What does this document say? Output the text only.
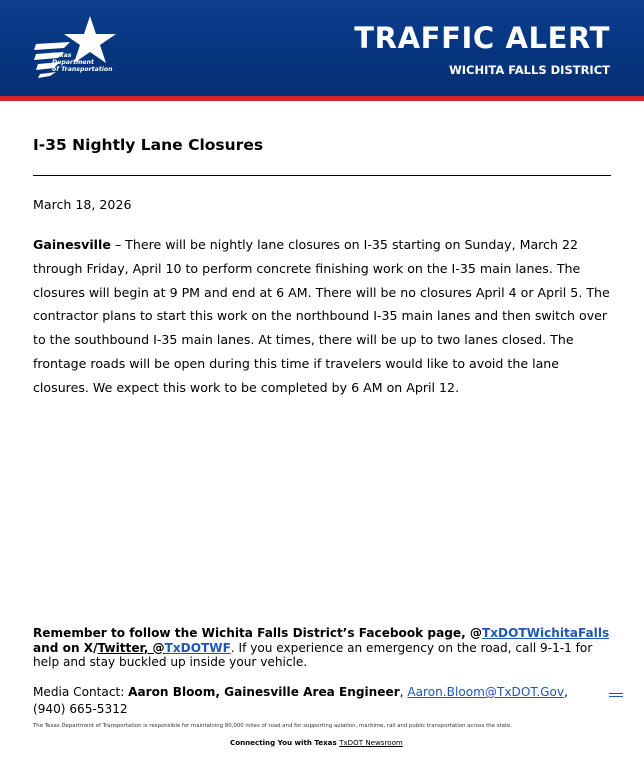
Texas
Department
of Transportation
TRAFFIC ALERT
WICHITA FALLS DISTRICT
I-35 Nightly Lane Closures
March 18, 2026
Gainesville – There will be nightly lane closures on I-35 starting on Sunday, March 22 through Friday, April 10 to perform concrete finishing work on the I-35 main lanes. The closures will begin at 9 PM and end at 6 AM. There will be no closures April 4 or April 5. The contractor plans to start this work on the northbound I-35 main lanes and then switch over to the southbound I-35 main lanes. At times, there will be up to two lanes closed. The frontage roads will be open during this time if travelers would like to avoid the lane closures. We expect this work to be completed by 6 AM on April 12.
Remember to follow the Wichita Falls District’s Facebook page, @TxDOTWichitaFalls
and on X/Twitter, @TxDOTWF. If you experience an emergency on the road, call 9-1-1 for help and stay buckled up inside your vehicle.
Media Contact: Aaron Bloom, Gainesville Area Engineer, Aaron.Bloom@TxDOT.Gov,
(940) 665-5312
The Texas Department of Transportation is responsible for maintaining 80,000 miles of road and for supporting aviation, maritime, rail and public transportation across the state.
Connecting You with Texas TxDOT Newsroom
